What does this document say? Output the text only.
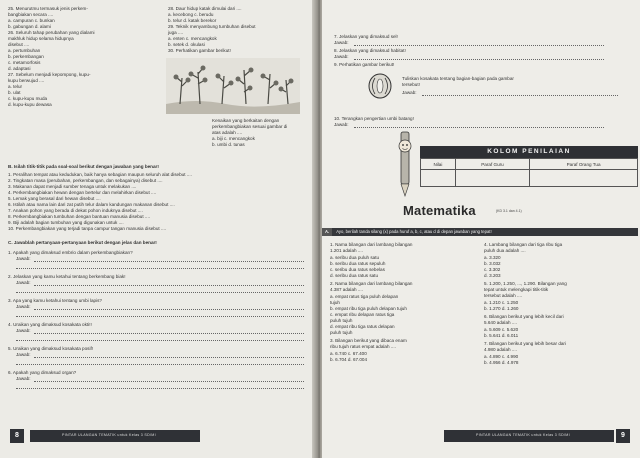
25. Menurutmu termasuk jenis perkem-
bangbiakan secara ....
a. campuran c. bunkan
b. gabungan d. alami
26. Seluruh tahap perubahan yang dialami
makhluk hidup selama hidupnya
disebut ....
a. pertumbuhan
b. perkembangan
c. metamorfosis
d. adaptasi
27. Sebelum menjadi kepompong, kupu-
kupu berwujud ....
a. telur
b. ulat
c. kupu-kupu muda
d. kupu-kupu dewasa
28. Daur hidup katak dimulai dari ....
a. kecebong c. berudu
b. telur d. katak berekor
29. Teknik menyambung tumbuhan disebut
juga ....
a. enten c. mencangkok
b. setek d. okulasi
30. Perhatikan gambar berikut!
Kenaikan yang berkaitan dengan
perkembangbiakan sesuai gambar di
atas adalah ....
a. biji c. mencangkok
b. umbi d. tunas
B. Isilah titik-titik pada soal-soal berikut dengan jawaban yang benar!
1. Peralihan tempat atau kedudukan, baik hanya sebagian maupun seluruh alat disebut ....
2. Tingkatan masa (perubahan, perkembangan, dan sebagainya) disebut ....
3. Makanan dapat menjadi sumber tenaga untuk melakukan ....
4. Perkembangbiakan hewan dengan bertelur dan melahirkan disebut ....
5. Lemak yang berasal dari hewan disebut ....
6. Istilah atau nama lain dari zat putih telur dalam kandungan makanan disebut ....
7. Anakan pohon yang berada di dekat pohon induknya disebut ....
8. Perkembangbiakan tumbuhan dengan bantuan manusia disebut ....
9. Biji adalah bagian tumbuhan yang digunakan untuk ....
10. Perkembangbiakan yang terjadi tanpa campur tangan manusia disebut ....
C. Jawablah pertanyaan-pertanyaan berikut dengan jelas dan benar!
1. Apakah yang dimaksud embrio dalam perkembangbiakan?
Jawab:
2. Jelaskan yang kamu ketahui tentang berkembang biak!
Jawab:
3. Apa yang kamu ketahui tentang umbi lapis?
Jawab:
4. Uraikan yang dimaksud kosakata okti!!
Jawab:
5. Uraikan yang dimaksud kosakata posif!
Jawab:
6. Apakah yang dimaksud organ?
Jawab:
8	PINTAR ULANGAN TEMATIK untuk Kelas 3 SD/MI
7. Jelaskan yang dimaksud sel!
Jawab:
8. Jelaskan yang dimaksud habitat!
Jawab:
9. Perhatikan gambar berikut!
Tuliskan kosakata tentang bagian-bagian pada gambar
tersebut!
Jawab:
10. Terangkan pengertian umbi batang!
Jawab:
KOLOM PENILAIAN
Nilai	Paraf Guru	Paraf Orang Tua

Matematika	(KD 3.1 dan 4.1)
A. Ayo, berilah tanda silang (x) pada huruf a, b, c, atau d di depan jawaban yang tepat!
1. Nama bilangan dari lambang bilangan
1.201 adalah ....
a. seribu dua puluh satu
b. seribu dua ratus sepuluh
c. seribu dua ratus sebelas
d. seribu dua ratus satu
2. Nama bilangan dari lambang bilangan
4.387 adalah ....
a. empat ratus tiga puluh delapan
tujuh
b. empat ribu tiga puluh delapan tujuh
c. empat ribu delapan ratus tiga
puluh tujuh
d. empat ribu tiga ratus delapan
puluh tujuh
3. Bilangan berikut yang dibaca enam
ribu tujuh ratus empat adalah ....
a. 6.740 c. 67.400
b. 6.704 d. 67.004
4. Lambang bilangan dari tiga ribu tiga
puluh dua adalah ....
a. 3.320
b. 3.032
c. 3.302
d. 3.203
5. 1.200, 1.250, ..., 1.290. Bilangan yang
tepat untuk melengkapi titik-titik
tersebut adalah ....
a. 1.210 c. 1.250
b. 1.270 d. 1.260
6. Bilangan berikut yang lebih kecil dari
5.640 adalah ....
a. 5.609 c. 5.620
b. 5.641 d. 6.011
7. Bilangan berikut yang lebih besar dari
4.980 adalah ....
a. 4.890 c. 4.990
b. 4.956 d. 4.978
PINTAR ULANGAN TEMATIK untuk Kelas 3 SD/MI	9
